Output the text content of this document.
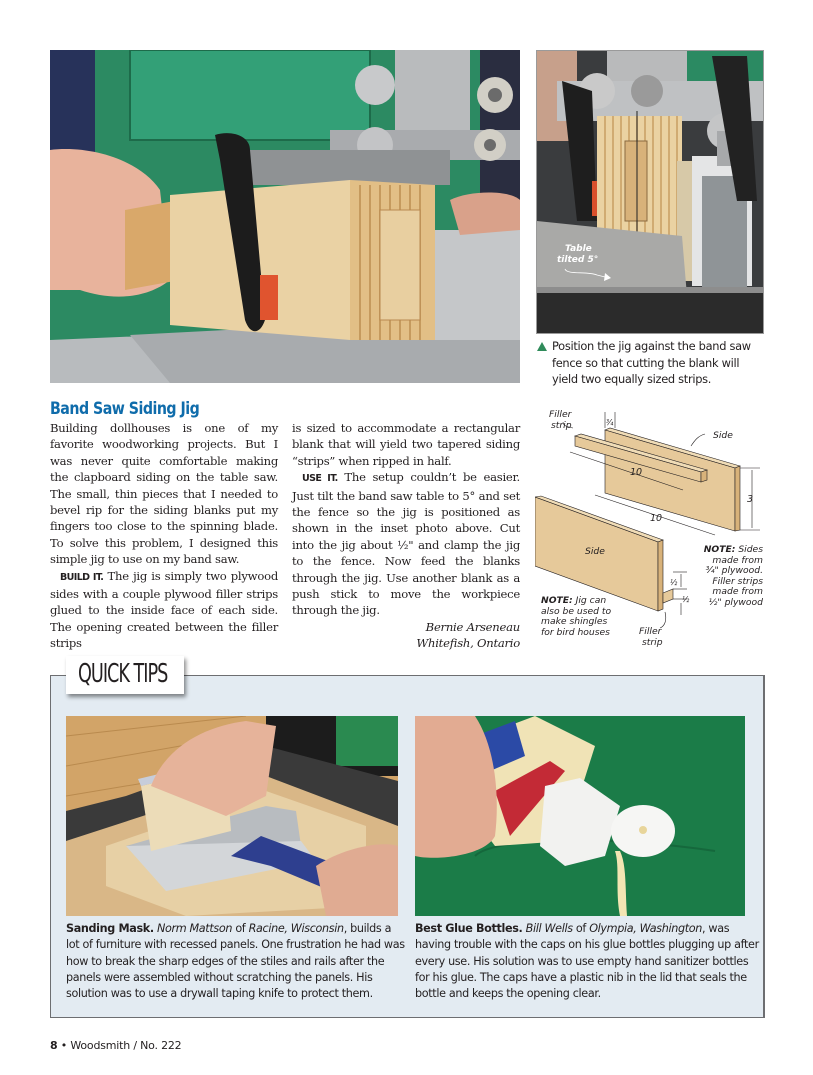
Table
tilted 5°
Position the jig against the band saw fence so that cutting the blank will yield two equally sized strips.
Band Saw Siding Jig

Building dollhouses is one of my favorite woodworking projects. But I was never quite comfortable making the clapboard siding on the table saw. The small, thin pieces that I needed to bevel rip for the siding blanks put my fingers too close to the spinning blade. To solve this problem, I designed this simple jig to use on my band saw.

BUILD IT. The jig is simply two plywood sides with a couple plywood filler strips glued to the inside face of each side. The opening created between the filler strips

is sized to accommodate a rectangular blank that will yield two tapered siding “strips” when ripped in half.

USE IT. The setup couldn’t be easier. Just tilt the band saw table to 5° and set the fence so the jig is positioned as shown in the inset photo above. Cut into the jig about ½" and clamp the jig to the fence. Now feed the blanks through the jig. Use another blank as a push stick to move the workpiece through the jig.

Bernie Arseneau
Whitefish, Ontario
10
10
3
¾
½
½
Filler
strip
Side
Side	NOTE: Sides
made from
¾" plywood.
Filler strips
made from
½" plywood
NOTE: Jig can
also be used to
make shingles
for bird houses	Filler
strip
QUICK TIPS
Sanding Mask. Norm Mattson of Racine, Wisconsin, builds a lot of furniture with recessed panels. One frustration he had was how to break the sharp edges of the stiles and rails after the panels were assembled without scratching the panels. His solution was to use a drywall taping knife to protect them.
Best Glue Bottles. Bill Wells of Olympia, Washington, was having trouble with the caps on his glue bottles plugging up after every use. His solution was to use empty hand sanitizer bottles for his glue. The caps have a plastic nib in the lid that seals the bottle and keeps the opening clear.
8 • Woodsmith / No. 222
